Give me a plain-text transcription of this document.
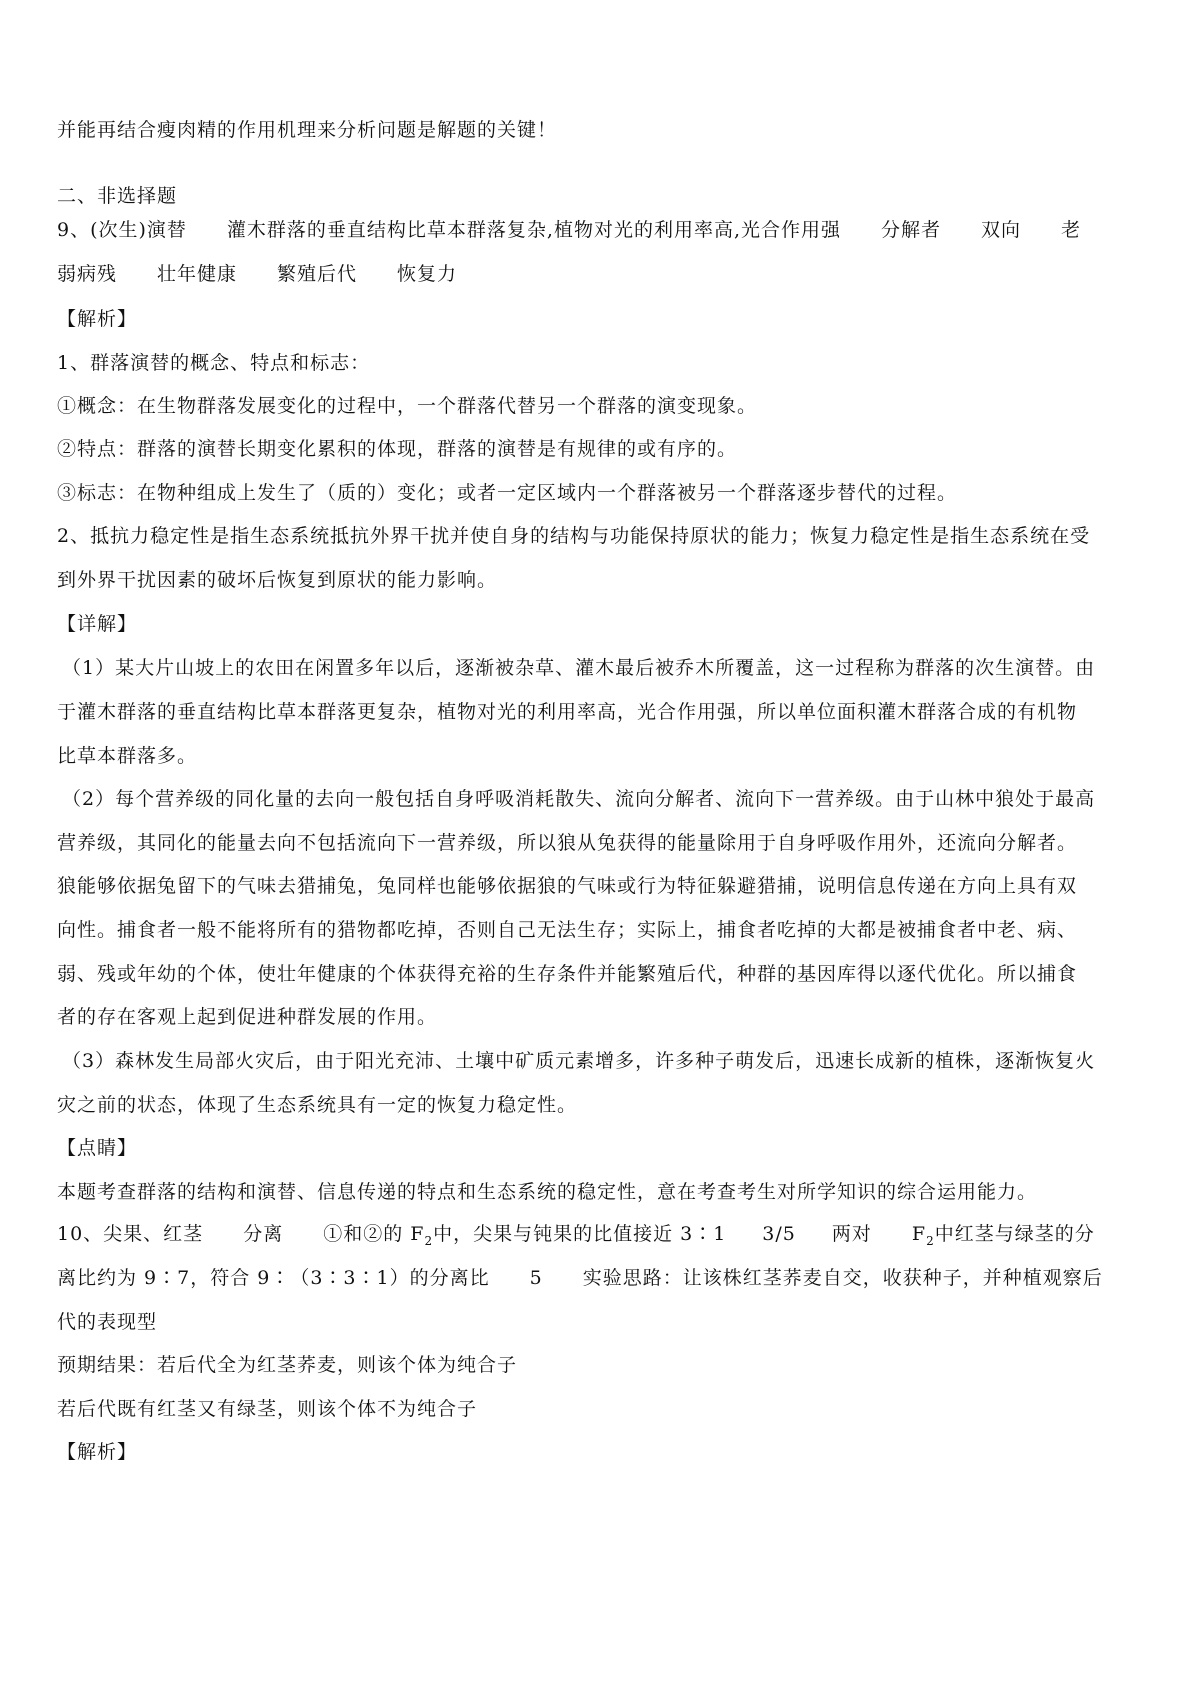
并能再结合瘦肉精的作用机理来分析问题是解题的关键！
二、非选择题
9、(次生)演替 灌木群落的垂直结构比草本群落复杂,植物对光的利用率高,光合作用强 分解者 双向 老
弱病残 壮年健康 繁殖后代 恢复力
【解析】
1、群落演替的概念、特点和标志：
①概念：在生物群落发展变化的过程中，一个群落代替另一个群落的演变现象。
②特点：群落的演替长期变化累积的体现，群落的演替是有规律的或有序的。
③标志：在物种组成上发生了（质的）变化；或者一定区域内一个群落被另一个群落逐步替代的过程。
2、抵抗力稳定性是指生态系统抵抗外界干扰并使自身的结构与功能保持原状的能力；恢复力稳定性是指生态系统在受
到外界干扰因素的破坏后恢复到原状的能力影响。
【详解】
（1）某大片山坡上的农田在闲置多年以后，逐渐被杂草、灌木最后被乔木所覆盖，这一过程称为群落的次生演替。由
于灌木群落的垂直结构比草本群落更复杂，植物对光的利用率高，光合作用强，所以单位面积灌木群落合成的有机物
比草本群落多。
（2）每个营养级的同化量的去向一般包括自身呼吸消耗散失、流向分解者、流向下一营养级。由于山林中狼处于最高
营养级，其同化的能量去向不包括流向下一营养级，所以狼从兔获得的能量除用于自身呼吸作用外，还流向分解者。
狼能够依据兔留下的气味去猎捕兔，兔同样也能够依据狼的气味或行为特征躲避猎捕，说明信息传递在方向上具有双
向性。捕食者一般不能将所有的猎物都吃掉，否则自己无法生存；实际上，捕食者吃掉的大都是被捕食者中老、病、
弱、残或年幼的个体，使壮年健康的个体获得充裕的生存条件并能繁殖后代，种群的基因库得以逐代优化。所以捕食
者的存在客观上起到促进种群发展的作用。
（3）森林发生局部火灾后，由于阳光充沛、土壤中矿质元素增多，许多种子萌发后，迅速长成新的植株，逐渐恢复火
灾之前的状态，体现了生态系统具有一定的恢复力稳定性。
【点睛】
本题考查群落的结构和演替、信息传递的特点和生态系统的稳定性，意在考查考生对所学知识的综合运用能力。
10、尖果、红茎 分离 ①和②的 $F_2$中，尖果与钝果的比值接近 3∶1 3/5 两对 $F_2$中红茎与绿茎的分
离比约为 9∶7，符合 9∶（3∶3∶1）的分离比 5 实验思路：让该株红茎荞麦自交，收获种子，并种植观察后
代的表现型
预期结果：若后代全为红茎荞麦，则该个体为纯合子
若后代既有红茎又有绿茎，则该个体不为纯合子
【解析】
